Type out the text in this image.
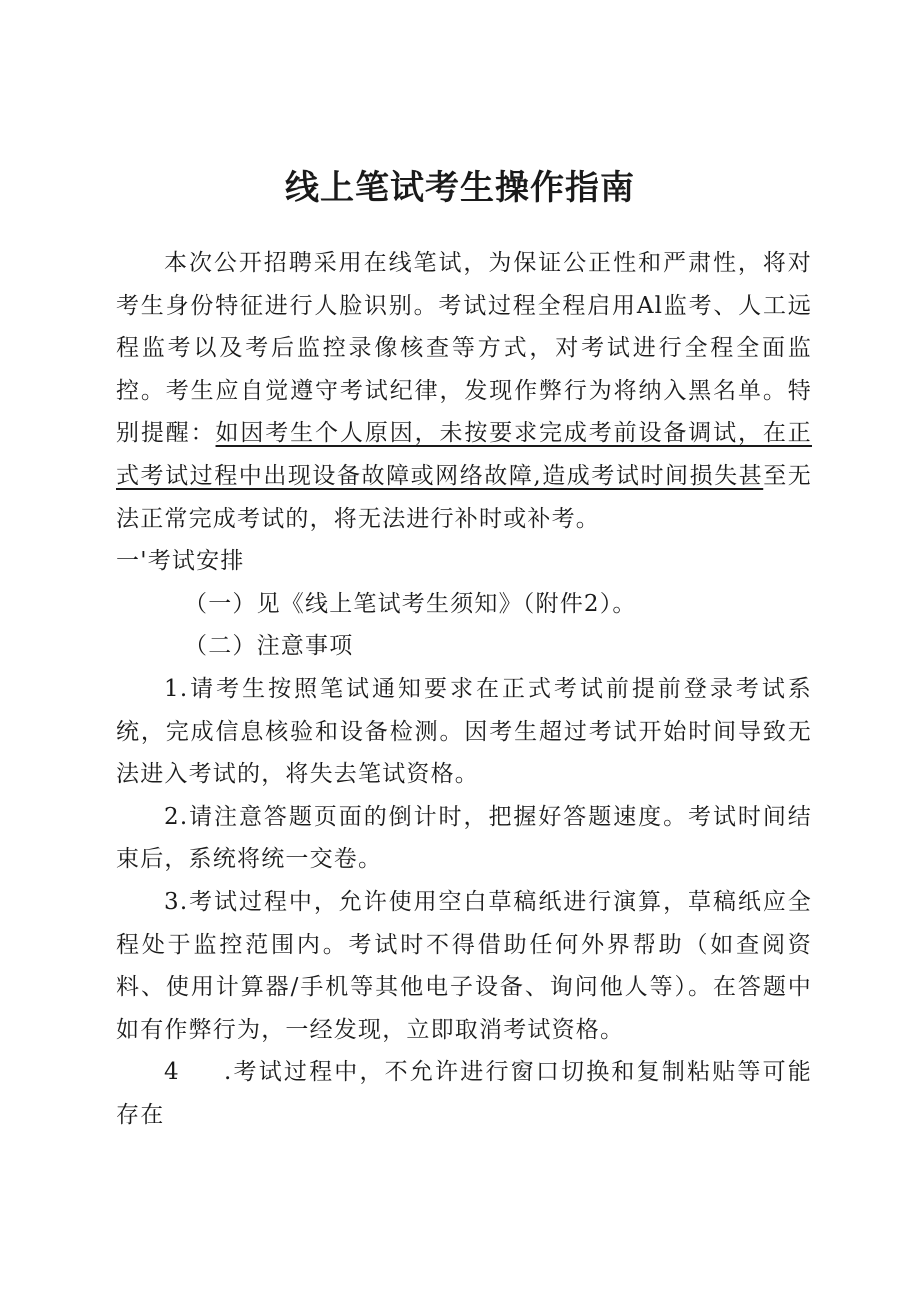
线上笔试考生操作指南

本次公开招聘采用在线笔试，为保证公正性和严肃性，将对考生身份特征进行人脸识别。考试过程全程启用Al监考、人工远程监考以及考后监控录像核查等方式，对考试进行全程全面监控。考生应自觉遵守考试纪律，发现作弊行为将纳入黑名单。特别提醒：如因考生个人原因，未按要求完成考前设备调试，在正式考试过程中出现设备故障或网络故障,造成考试时间损失甚至无法正常完成考试的，将无法进行补时或补考。

一'考试安排

（一）见《线上笔试考生须知》（附件2）。

（二）注意事项

1.请考生按照笔试通知要求在正式考试前提前登录考试系统，完成信息核验和设备检测。因考生超过考试开始时间导致无法进入考试的，将失去笔试资格。

2.请注意答题页面的倒计时，把握好答题速度。考试时间结束后，系统将统一交卷。

3.考试过程中，允许使用空白草稿纸进行演算，草稿纸应全程处于监控范围内。考试时不得借助任何外界帮助（如查阅资料、使用计算器/手机等其他电子设备、询问他人等）。在答题中如有作弊行为，一经发现，立即取消考试资格。

4 .考试过程中，不允许进行窗口切换和复制粘贴等可能存在
